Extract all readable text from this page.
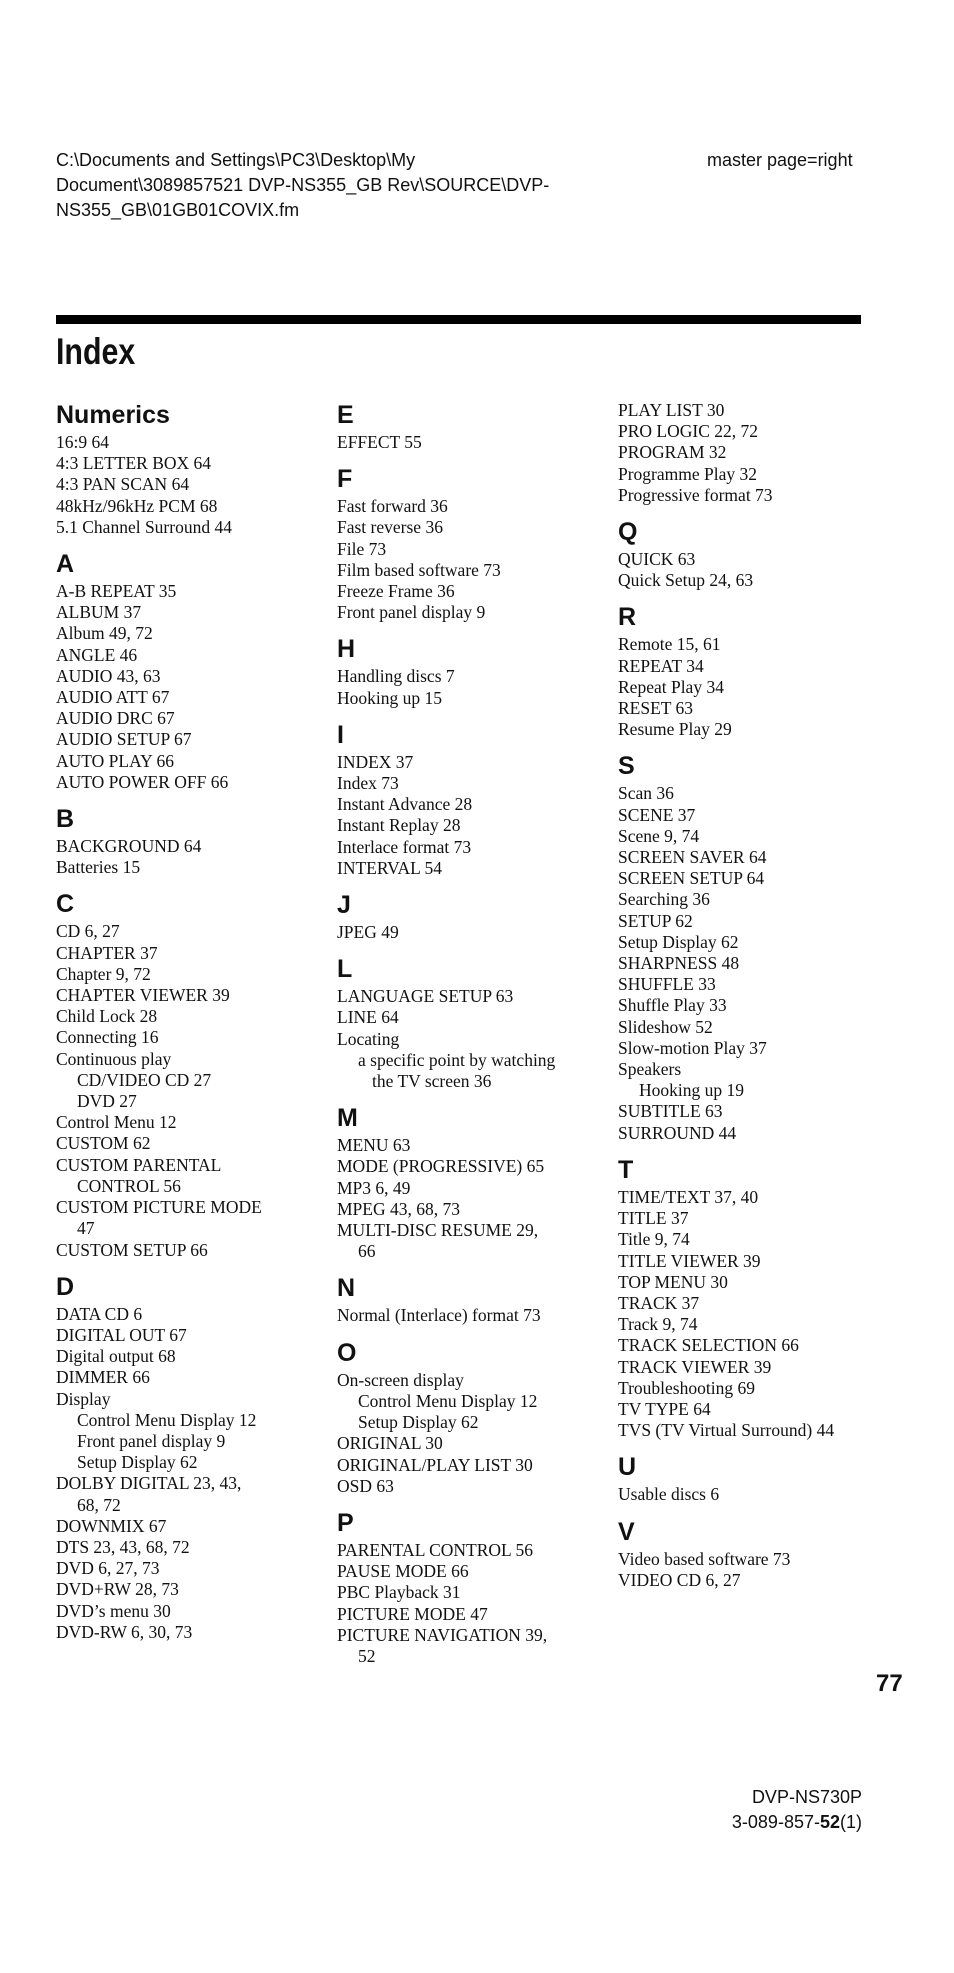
C:\Documents and Settings\PC3\Desktop\My
Document\3089857521 DVP-NS355_GB Rev\SOURCE\DVP-
NS355_GB\01GB01COVIX.fm
master page=right
Index
Numerics
16:9 64
4:3 LETTER BOX 64
4:3 PAN SCAN 64
48kHz/96kHz PCM 68
5.1 Channel Surround 44
A
A-B REPEAT 35
ALBUM 37
Album 49, 72
ANGLE 46
AUDIO 43, 63
AUDIO ATT 67
AUDIO DRC 67
AUDIO SETUP 67
AUTO PLAY 66
AUTO POWER OFF 66
B
BACKGROUND 64
Batteries 15
C
CD 6, 27
CHAPTER 37
Chapter 9, 72
CHAPTER VIEWER 39
Child Lock 28
Connecting 16
Continuous play
CD/VIDEO CD 27
DVD 27
Control Menu 12
CUSTOM 62
CUSTOM PARENTAL
CONTROL 56
CUSTOM PICTURE MODE
47
CUSTOM SETUP 66
D
DATA CD 6
DIGITAL OUT 67
Digital output 68
DIMMER 66
Display
Control Menu Display 12
Front panel display 9
Setup Display 62
DOLBY DIGITAL 23, 43,
68, 72
DOWNMIX 67
DTS 23, 43, 68, 72
DVD 6, 27, 73
DVD+RW 28, 73
DVD’s menu 30
DVD-RW 6, 30, 73
E
EFFECT 55
F
Fast forward 36
Fast reverse 36
File 73
Film based software 73
Freeze Frame 36
Front panel display 9
H
Handling discs 7
Hooking up 15
I
INDEX 37
Index 73
Instant Advance 28
Instant Replay 28
Interlace format 73
INTERVAL 54
J
JPEG 49
L
LANGUAGE SETUP 63
LINE 64
Locating
a specific point by watching
the TV screen 36
M
MENU 63
MODE (PROGRESSIVE) 65
MP3 6, 49
MPEG 43, 68, 73
MULTI-DISC RESUME 29,
66
N
Normal (Interlace) format 73
O
On-screen display
Control Menu Display 12
Setup Display 62
ORIGINAL 30
ORIGINAL/PLAY LIST 30
OSD 63
P
PARENTAL CONTROL 56
PAUSE MODE 66
PBC Playback 31
PICTURE MODE 47
PICTURE NAVIGATION 39,
52
PLAY LIST 30
PRO LOGIC 22, 72
PROGRAM 32
Programme Play 32
Progressive format 73
Q
QUICK 63
Quick Setup 24, 63
R
Remote 15, 61
REPEAT 34
Repeat Play 34
RESET 63
Resume Play 29
S
Scan 36
SCENE 37
Scene 9, 74
SCREEN SAVER 64
SCREEN SETUP 64
Searching 36
SETUP 62
Setup Display 62
SHARPNESS 48
SHUFFLE 33
Shuffle Play 33
Slideshow 52
Slow-motion Play 37
Speakers
Hooking up 19
SUBTITLE 63
SURROUND 44
T
TIME/TEXT 37, 40
TITLE 37
Title 9, 74
TITLE VIEWER 39
TOP MENU 30
TRACK 37
Track 9, 74
TRACK SELECTION 66
TRACK VIEWER 39
Troubleshooting 69
TV TYPE 64
TVS (TV Virtual Surround) 44
U
Usable discs 6
V
Video based software 73
VIDEO CD 6, 27
77
DVP-NS730P
3-089-857-52(1)
